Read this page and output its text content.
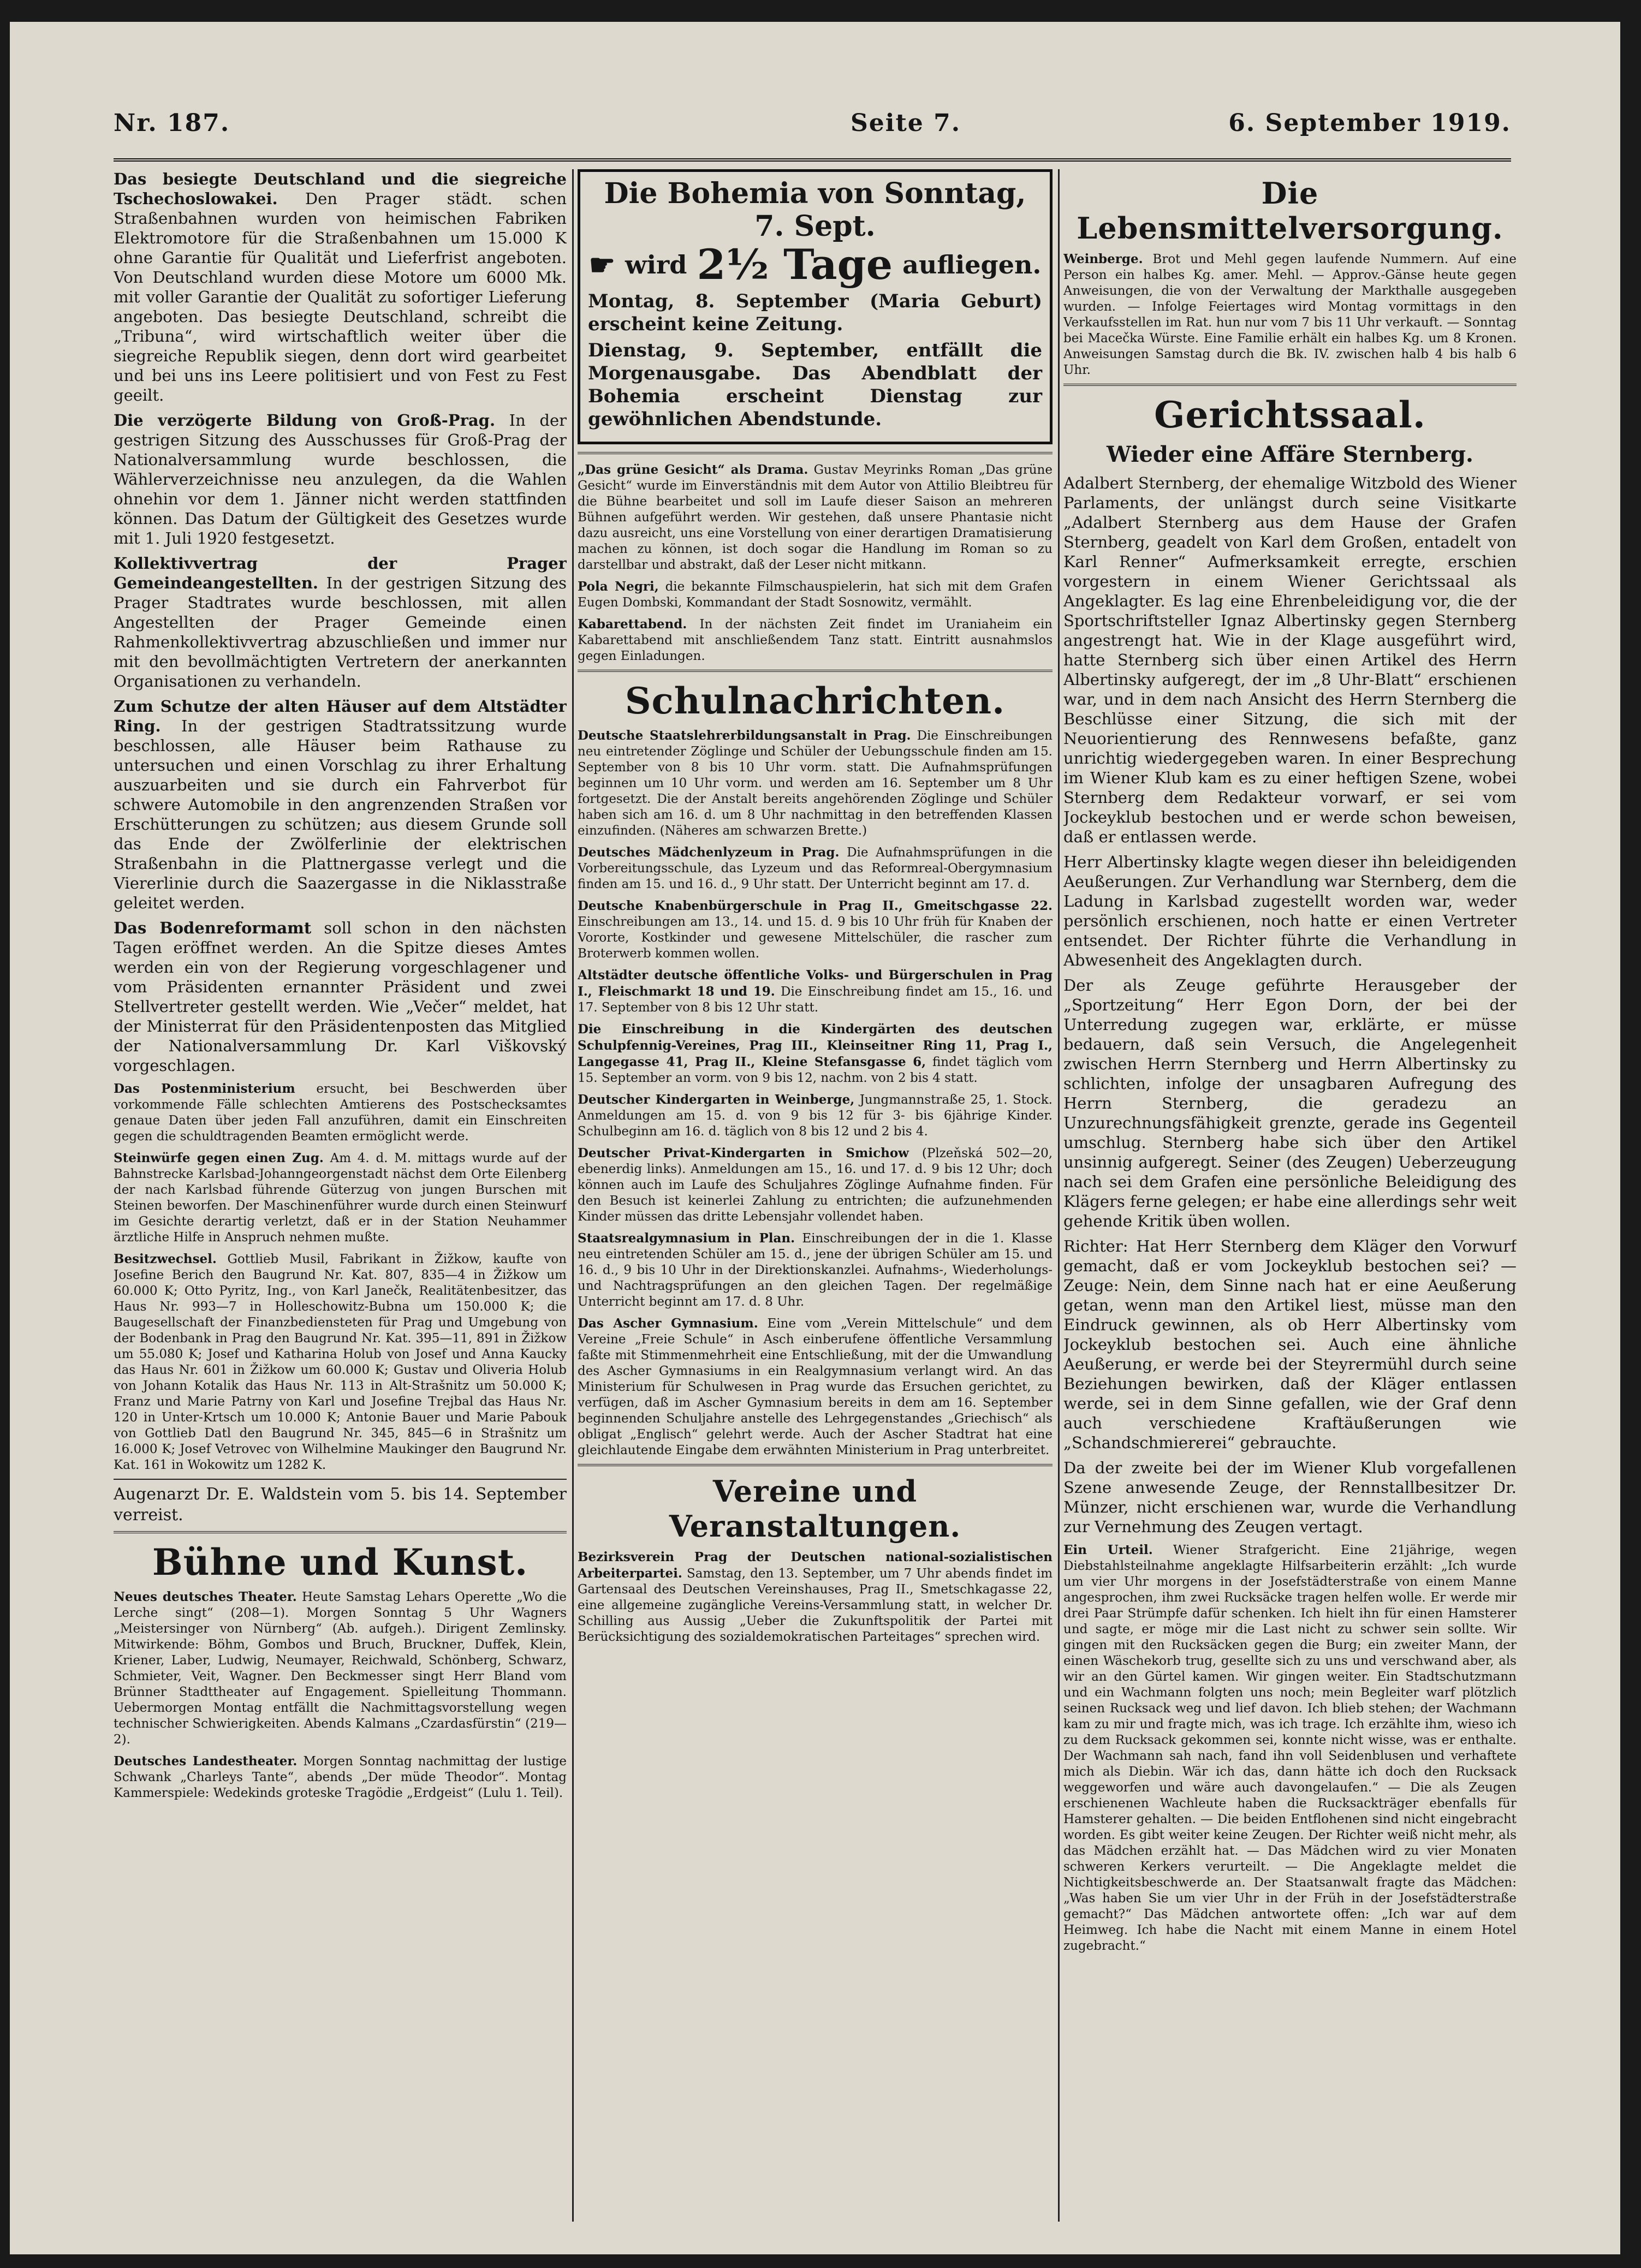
Nr. 187.	Seite 7.	6. September 1919.

Das besiegte Deutschland und die siegreiche Tschechoslowakei. Den Prager städt. schen Straßenbahnen wurden von heimischen Fabriken Elektromotore für die Straßenbahnen um 15.000 K ohne Garantie für Qualität und Lieferfrist angeboten. Von Deutschland wurden diese Motore um 6000 Mk. mit voller Garantie der Qualität zu sofortiger Lieferung angeboten. Das besiegte Deutschland, schreibt die „Tribuna“, wird wirtschaftlich weiter über die siegreiche Republik siegen, denn dort wird gearbeitet und bei uns ins Leere politisiert und von Fest zu Fest geeilt.

Die verzögerte Bildung von Groß-Prag. In der gestrigen Sitzung des Ausschusses für Groß-Prag der Nationalversammlung wurde beschlossen, die Wählerverzeichnisse neu anzulegen, da die Wahlen ohnehin vor dem 1. Jänner nicht werden stattfinden können. Das Datum der Gültigkeit des Gesetzes wurde mit 1. Juli 1920 festgesetzt.

Kollektivvertrag der Prager Gemeindeangestellten. In der gestrigen Sitzung des Prager Stadtrates wurde beschlossen, mit allen Angestellten der Prager Gemeinde einen Rahmenkollektivvertrag abzuschließen und immer nur mit den bevollmächtigten Vertretern der anerkannten Organisationen zu verhandeln.

Zum Schutze der alten Häuser auf dem Altstädter Ring. In der gestrigen Stadtratssitzung wurde beschlossen, alle Häuser beim Rathause zu untersuchen und einen Vorschlag zu ihrer Erhaltung auszuarbeiten und sie durch ein Fahrverbot für schwere Automobile in den angrenzenden Straßen vor Erschütterungen zu schützen; aus diesem Grunde soll das Ende der Zwölferlinie der elektrischen Straßenbahn in die Plattnergasse verlegt und die Viererlinie durch die Saazergasse in die Niklasstraße geleitet werden.

Das Bodenreformamt soll schon in den nächsten Tagen eröffnet werden. An die Spitze dieses Amtes werden ein von der Regierung vorgeschlagener und vom Präsidenten ernannter Präsident und zwei Stellvertreter gestellt werden. Wie „Večer“ meldet, hat der Ministerrat für den Präsidentenposten das Mitglied der Nationalversammlung Dr. Karl Viškovský vorgeschlagen.

Das Postenministerium ersucht, bei Beschwerden über vorkommende Fälle schlechten Amtierens des Postschecksamtes genaue Daten über jeden Fall anzuführen, damit ein Einschreiten gegen die schuldtragenden Beamten ermöglicht werde.

Steinwürfe gegen einen Zug. Am 4. d. M. mittags wurde auf der Bahnstrecke Karlsbad-Johanngeorgenstadt nächst dem Orte Eilenberg der nach Karlsbad führende Güterzug von jungen Burschen mit Steinen beworfen. Der Maschinenführer wurde durch einen Steinwurf im Gesichte derartig verletzt, daß er in der Station Neuhammer ärztliche Hilfe in Anspruch nehmen mußte.

Besitzwechsel. Gottlieb Musil, Fabrikant in Žižkow, kaufte von Josefine Berich den Baugrund Nr. Kat. 807, 835—4 in Žižkow um 60.000 K; Otto Pyritz, Ing., von Karl Janečk, Realitätenbesitzer, das Haus Nr. 993—7 in Holleschowitz-Bubna um 150.000 K; die Baugesellschaft der Finanzbediensteten für Prag und Umgebung von der Bodenbank in Prag den Baugrund Nr. Kat. 395—11, 891 in Žižkow um 55.080 K; Josef und Katharina Holub von Josef und Anna Kaucky das Haus Nr. 601 in Žižkow um 60.000 K; Gustav und Oliveria Holub von Johann Kotalik das Haus Nr. 113 in Alt-Strašnitz um 50.000 K; Franz und Marie Patrny von Karl und Josefine Trejbal das Haus Nr. 120 in Unter-Krtsch um 10.000 K; Antonie Bauer und Marie Pabouk von Gottlieb Datl den Baugrund Nr. 345, 845—6 in Strašnitz um 16.000 K; Josef Vetrovec von Wilhelmine Maukinger den Baugrund Nr. Kat. 161 in Wokowitz um 1282 K.

Augenarzt Dr. E. Waldstein vom 5. bis 14. September verreist.

Bühne und Kunst.

Neues deutsches Theater. Heute Samstag Lehars Operette „Wo die Lerche singt“ (208—1). Morgen Sonntag 5 Uhr Wagners „Meistersinger von Nürnberg“ (Ab. aufgeh.). Dirigent Zemlinsky. Mitwirkende: Böhm, Gombos und Bruch, Bruckner, Duffek, Klein, Kriener, Laber, Ludwig, Neumayer, Reichwald, Schönberg, Schwarz, Schmieter, Veit, Wagner. Den Beckmesser singt Herr Bland vom Brünner Stadttheater auf Engagement. Spielleitung Thommann. Uebermorgen Montag entfällt die Nachmittagsvorstellung wegen technischer Schwierigkeiten. Abends Kalmans „Czardasfürstin“ (219—2).

Deutsches Landestheater. Morgen Sonntag nachmittag der lustige Schwank „Charleys Tante“, abends „Der müde Theodor“. Montag Kammerspiele: Wedekinds groteske Tragödie „Erdgeist“ (Lulu 1. Teil).

Die Bohemia von Sonntag, 7. Sept.
☛ wird 2½ Tage aufliegen.

Montag, 8. September (Maria Geburt) erscheint keine Zeitung.

Dienstag, 9. September, entfällt die Morgenausgabe. Das Abendblatt der Bohemia erscheint Dienstag zur gewöhnlichen Abendstunde.

„Das grüne Gesicht“ als Drama. Gustav Meyrinks Roman „Das grüne Gesicht“ wurde im Einverständnis mit dem Autor von Attilio Bleibtreu für die Bühne bearbeitet und soll im Laufe dieser Saison an mehreren Bühnen aufgeführt werden. Wir gestehen, daß unsere Phantasie nicht dazu ausreicht, uns eine Vorstellung von einer derartigen Dramatisierung machen zu können, ist doch sogar die Handlung im Roman so zu darstellbar und abstrakt, daß der Leser nicht mitkann.

Pola Negri, die bekannte Filmschauspielerin, hat sich mit dem Grafen Eugen Dombski, Kommandant der Stadt Sosnowitz, vermählt.

Kabarettabend. In der nächsten Zeit findet im Uraniaheim ein Kabarettabend mit anschließendem Tanz statt. Eintritt ausnahmslos gegen Einladungen.

Schulnachrichten.

Deutsche Staatslehrerbildungsanstalt in Prag. Die Einschreibungen neu eintretender Zöglinge und Schüler der Uebungsschule finden am 15. September von 8 bis 10 Uhr vorm. statt. Die Aufnahmsprüfungen beginnen um 10 Uhr vorm. und werden am 16. September um 8 Uhr fortgesetzt. Die der Anstalt bereits angehörenden Zöglinge und Schüler haben sich am 16. d. um 8 Uhr nachmittag in den betreffenden Klassen einzufinden. (Näheres am schwarzen Brette.)

Deutsches Mädchenlyzeum in Prag. Die Aufnahmsprüfungen in die Vorbereitungsschule, das Lyzeum und das Reformreal-Obergymnasium finden am 15. und 16. d., 9 Uhr statt. Der Unterricht beginnt am 17. d.

Deutsche Knabenbürgerschule in Prag II., Gmeitschgasse 22. Einschreibungen am 13., 14. und 15. d. 9 bis 10 Uhr früh für Knaben der Vororte, Kostkinder und gewesene Mittelschüler, die rascher zum Broterwerb kommen wollen.

Altstädter deutsche öffentliche Volks- und Bürgerschulen in Prag I., Fleischmarkt 18 und 19. Die Einschreibung findet am 15., 16. und 17. September von 8 bis 12 Uhr statt.

Die Einschreibung in die Kindergärten des deutschen Schulpfennig-Vereines, Prag III., Kleinseitner Ring 11, Prag I., Langegasse 41, Prag II., Kleine Stefansgasse 6, findet täglich vom 15. September an vorm. von 9 bis 12, nachm. von 2 bis 4 statt.

Deutscher Kindergarten in Weinberge, Jungmannstraße 25, 1. Stock. Anmeldungen am 15. d. von 9 bis 12 für 3- bis 6jährige Kinder. Schulbeginn am 16. d. täglich von 8 bis 12 und 2 bis 4.

Deutscher Privat-Kindergarten in Smichow (Plzeňská 502—20, ebenerdig links). Anmeldungen am 15., 16. und 17. d. 9 bis 12 Uhr; doch können auch im Laufe des Schuljahres Zöglinge Aufnahme finden. Für den Besuch ist keinerlei Zahlung zu entrichten; die aufzunehmenden Kinder müssen das dritte Lebensjahr vollendet haben.

Staatsrealgymnasium in Plan. Einschreibungen der in die 1. Klasse neu eintretenden Schüler am 15. d., jene der übrigen Schüler am 15. und 16. d., 9 bis 10 Uhr in der Direktionskanzlei. Aufnahms-, Wiederholungs- und Nachtragsprüfungen an den gleichen Tagen. Der regelmäßige Unterricht beginnt am 17. d. 8 Uhr.

Das Ascher Gymnasium. Eine vom „Verein Mittelschule“ und dem Vereine „Freie Schule“ in Asch einberufene öffentliche Versammlung faßte mit Stimmenmehrheit eine Entschließung, mit der die Umwandlung des Ascher Gymnasiums in ein Realgymnasium verlangt wird. An das Ministerium für Schulwesen in Prag wurde das Ersuchen gerichtet, zu verfügen, daß im Ascher Gymnasium bereits in dem am 16. September beginnenden Schuljahre anstelle des Lehrgegenstandes „Griechisch“ als obligat „Englisch“ gelehrt werde. Auch der Ascher Stadtrat hat eine gleichlautende Eingabe dem erwähnten Ministerium in Prag unterbreitet.

Vereine und Veranstaltungen.

Bezirksverein Prag der Deutschen national-sozialistischen Arbeiterpartei. Samstag, den 13. September, um 7 Uhr abends findet im Gartensaal des Deutschen Vereinshauses, Prag II., Smetschkagasse 22, eine allgemeine zugängliche Vereins-Versammlung statt, in welcher Dr. Schilling aus Aussig „Ueber die Zukunftspolitik der Partei mit Berücksichtigung des sozialdemokratischen Parteitages“ sprechen wird.

Die Lebensmittelversorgung.

Weinberge. Brot und Mehl gegen laufende Nummern. Auf eine Person ein halbes Kg. amer. Mehl. — Approv.-Gänse heute gegen Anweisungen, die von der Verwaltung der Markthalle ausgegeben wurden. — Infolge Feiertages wird Montag vormittags in den Verkaufsstellen im Rat. hun nur vom 7 bis 11 Uhr verkauft. — Sonntag bei Macečka Würste. Eine Familie erhält ein halbes Kg. um 8 Kronen. Anweisungen Samstag durch die Bk. IV. zwischen halb 4 bis halb 6 Uhr.

Gerichtssaal.
Wieder eine Affäre Sternberg.

Adalbert Sternberg, der ehemalige Witzbold des Wiener Parlaments, der unlängst durch seine Visitkarte „Adalbert Sternberg aus dem Hause der Grafen Sternberg, geadelt von Karl dem Großen, entadelt von Karl Renner“ Aufmerksamkeit erregte, erschien vorgestern in einem Wiener Gerichtssaal als Angeklagter. Es lag eine Ehrenbeleidigung vor, die der Sportschriftsteller Ignaz Albertinsky gegen Sternberg angestrengt hat. Wie in der Klage ausgeführt wird, hatte Sternberg sich über einen Artikel des Herrn Albertinsky aufgeregt, der im „8 Uhr-Blatt“ erschienen war, und in dem nach Ansicht des Herrn Sternberg die Beschlüsse einer Sitzung, die sich mit der Neuorientierung des Rennwesens befaßte, ganz unrichtig wiedergegeben waren. In einer Besprechung im Wiener Klub kam es zu einer heftigen Szene, wobei Sternberg dem Redakteur vorwarf, er sei vom Jockeyklub bestochen und er werde schon beweisen, daß er entlassen werde.

Herr Albertinsky klagte wegen dieser ihn beleidigenden Aeußerungen. Zur Verhandlung war Sternberg, dem die Ladung in Karlsbad zugestellt worden war, weder persönlich erschienen, noch hatte er einen Vertreter entsendet. Der Richter führte die Verhandlung in Abwesenheit des Angeklagten durch.

Der als Zeuge geführte Herausgeber der „Sportzeitung“ Herr Egon Dorn, der bei der Unterredung zugegen war, erklärte, er müsse bedauern, daß sein Versuch, die Angelegenheit zwischen Herrn Sternberg und Herrn Albertinsky zu schlichten, infolge der unsagbaren Aufregung des Herrn Sternberg, die geradezu an Unzurechnungsfähigkeit grenzte, gerade ins Gegenteil umschlug. Sternberg habe sich über den Artikel unsinnig aufgeregt. Seiner (des Zeugen) Ueberzeugung nach sei dem Grafen eine persönliche Beleidigung des Klägers ferne gelegen; er habe eine allerdings sehr weit gehende Kritik üben wollen.

Richter: Hat Herr Sternberg dem Kläger den Vorwurf gemacht, daß er vom Jockeyklub bestochen sei? — Zeuge: Nein, dem Sinne nach hat er eine Aeußerung getan, wenn man den Artikel liest, müsse man den Eindruck gewinnen, als ob Herr Albertinsky vom Jockeyklub bestochen sei. Auch eine ähnliche Aeußerung, er werde bei der Steyrermühl durch seine Beziehungen bewirken, daß der Kläger entlassen werde, sei in dem Sinne gefallen, wie der Graf denn auch verschiedene Kraftäußerungen wie „Schandschmiererei“ gebrauchte.

Da der zweite bei der im Wiener Klub vorgefallenen Szene anwesende Zeuge, der Rennstallbesitzer Dr. Münzer, nicht erschienen war, wurde die Verhandlung zur Vernehmung des Zeugen vertagt.

Ein Urteil. Wiener Strafgericht. Eine 21jährige, wegen Diebstahlsteilnahme angeklagte Hilfsarbeiterin erzählt: „Ich wurde um vier Uhr morgens in der Josefstädterstraße von einem Manne angesprochen, ihm zwei Rucksäcke tragen helfen wolle. Er werde mir drei Paar Strümpfe dafür schenken. Ich hielt ihn für einen Hamsterer und sagte, er möge mir die Last nicht zu schwer sein sollte. Wir gingen mit den Rucksäcken gegen die Burg; ein zweiter Mann, der einen Wäschekorb trug, gesellte sich zu uns und verschwand aber, als wir an den Gürtel kamen. Wir gingen weiter. Ein Stadtschutzmann und ein Wachmann folgten uns noch; mein Begleiter warf plötzlich seinen Rucksack weg und lief davon. Ich blieb stehen; der Wachmann kam zu mir und fragte mich, was ich trage. Ich erzählte ihm, wieso ich zu dem Rucksack gekommen sei, konnte nicht wisse, was er enthalte. Der Wachmann sah nach, fand ihn voll Seidenblusen und verhaftete mich als Diebin. Wär ich das, dann hätte ich doch den Rucksack weggeworfen und wäre auch davongelaufen.“ — Die als Zeugen erschienenen Wachleute haben die Rucksackträger ebenfalls für Hamsterer gehalten. — Die beiden Entflohenen sind nicht eingebracht worden. Es gibt weiter keine Zeugen. Der Richter weiß nicht mehr, als das Mädchen erzählt hat. — Das Mädchen wird zu vier Monaten schweren Kerkers verurteilt. — Die Angeklagte meldet die Nichtigkeitsbeschwerde an. Der Staatsanwalt fragte das Mädchen: „Was haben Sie um vier Uhr in der Früh in der Josefstädterstraße gemacht?“ Das Mädchen antwortete offen: „Ich war auf dem Heimweg. Ich habe die Nacht mit einem Manne in einem Hotel zugebracht.“
